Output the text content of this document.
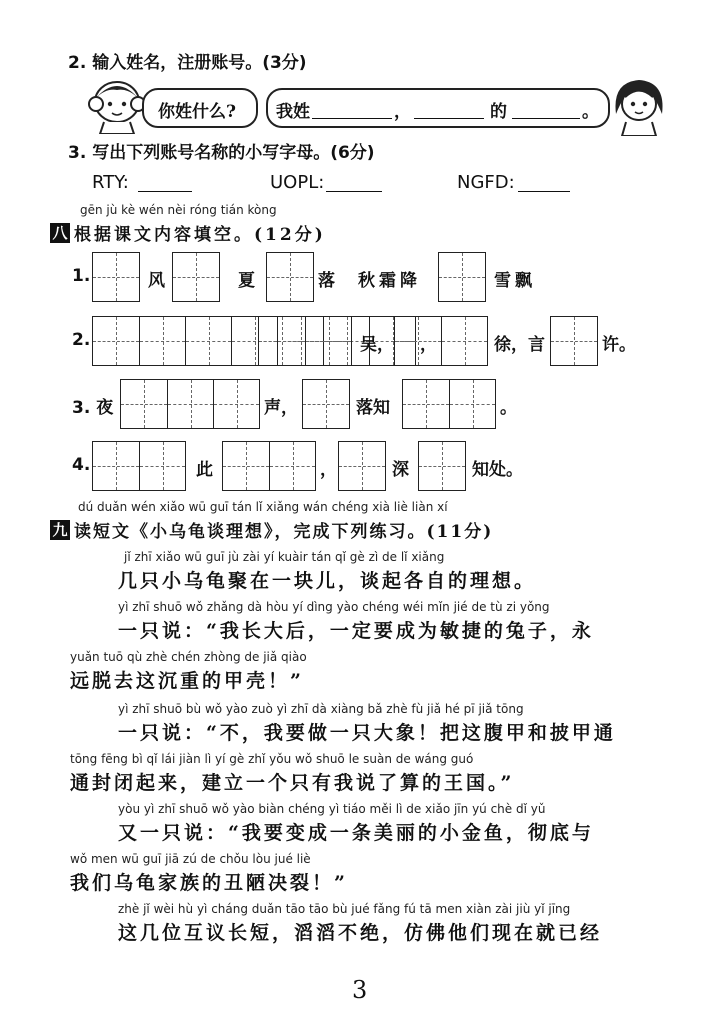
2. 输入姓名，注册账号。(3分)
你姓什么? 我姓	，	的	。
3. 写出下列账号名称的小写字母。(6分)
RTY:	UOPL:	NGFD:
gēn jù kè wén nèi róng tián kòng
八 根据课文内容填空。(12分)
1.	风	夏	落 秋霜降	雪飘
2.	，
吴，	徐，言	许。
3. 夜	声，	落知	。
4.	此	，	深	知处。
dú duǎn wén xiǎo wū guī tán lǐ xiǎng wán chéng xià liè liàn xí
九 读短文《小乌龟谈理想》，完成下列练习。(11分)
jǐ zhī xiǎo wū guī jù zài yí kuàir tán qǐ gè zì de lǐ xiǎng
几只小乌龟聚在一块儿，谈起各自的理想。
yì zhī shuō wǒ zhǎng dà hòu yí dìng yào chéng wéi mǐn jié de tù zi yǒng
一只说：“我长大后，一定要成为敏捷的兔子，永
yuǎn tuō qù zhè chén zhòng de jiǎ qiào
远脱去这沉重的甲壳！”
yì zhī shuō bù wǒ yào zuò yì zhī dà xiàng bǎ zhè fù jiǎ hé pī jiǎ tōng
一只说：“不，我要做一只大象！把这腹甲和披甲通
tōng fēng bì qǐ lái jiàn lì yí gè zhǐ yǒu wǒ shuō le suàn de wáng guó
通封闭起来，建立一个只有我说了算的王国。”
yòu yì zhī shuō wǒ yào biàn chéng yì tiáo měi lì de xiǎo jīn yú chè dǐ yǔ
又一只说：“我要变成一条美丽的小金鱼，彻底与
wǒ men wū guī jiā zú de chǒu lòu jué liè
我们乌龟家族的丑陋决裂！”
zhè jǐ wèi hù yì cháng duǎn tāo tāo bù jué fǎng fú tā men xiàn zài jiù yǐ jīng
这几位互议长短，滔滔不绝，仿佛他们现在就已经
3
